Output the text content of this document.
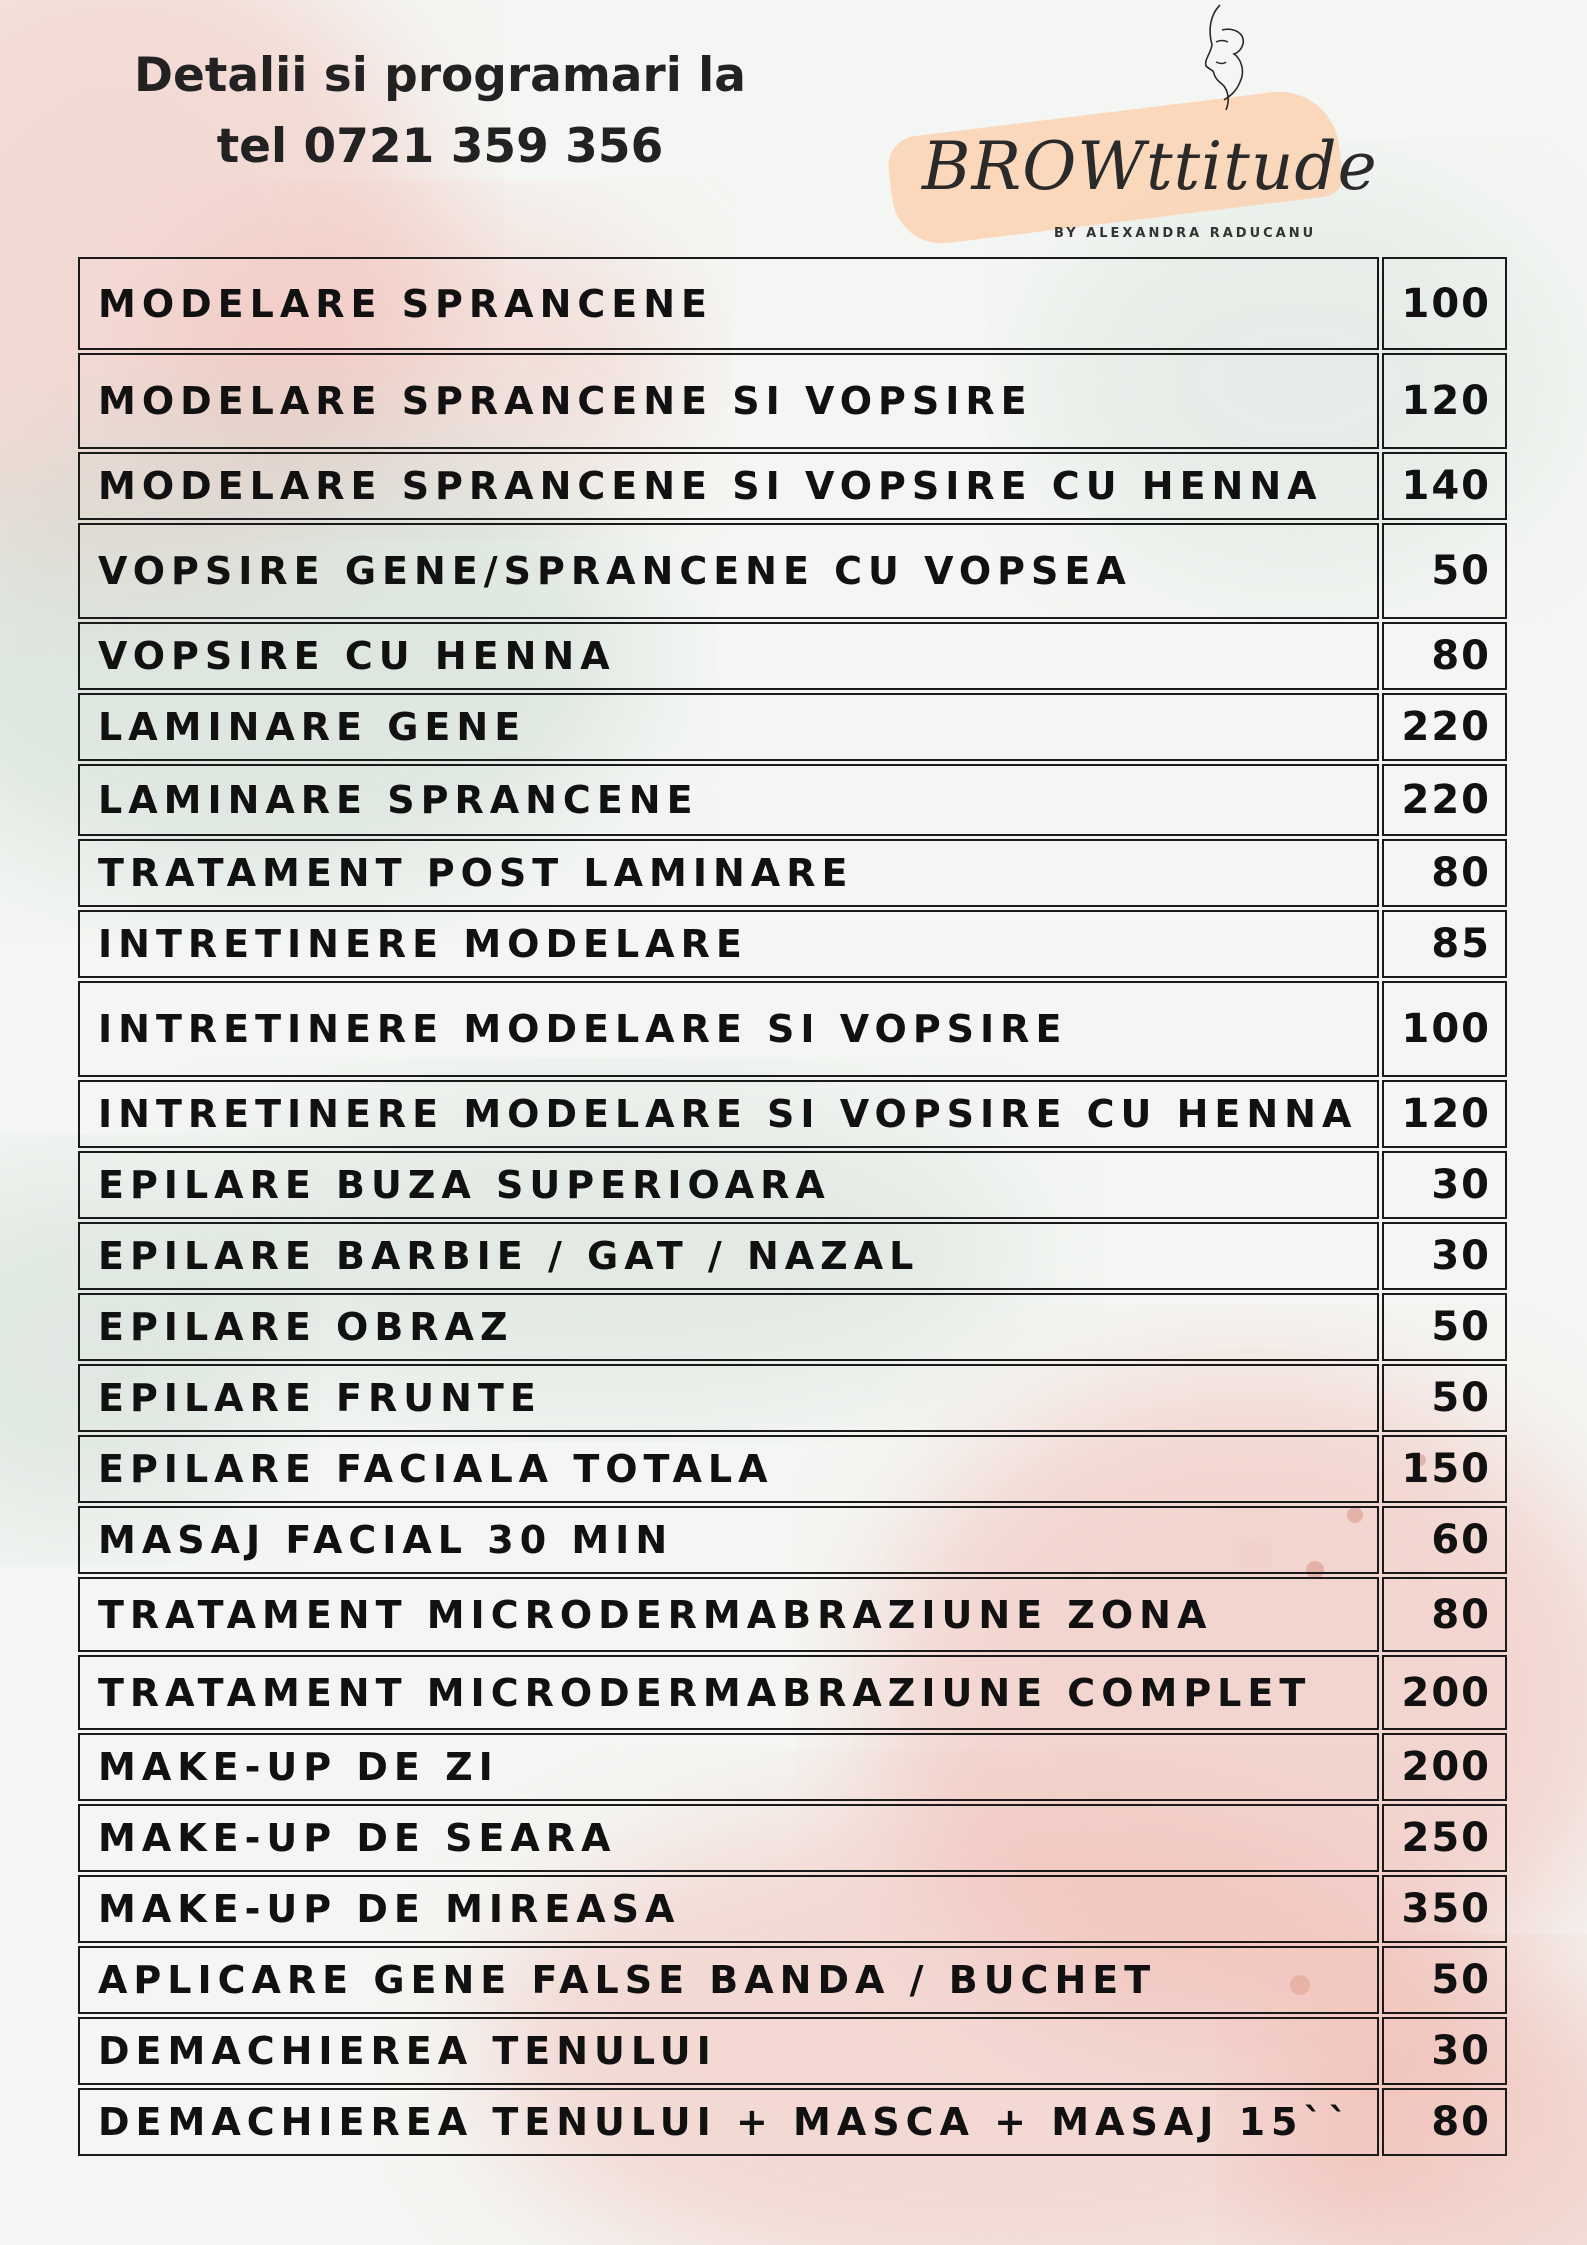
Detalii si programari la
tel 0721 359 356	BROWttitude
BY ALEXANDRA RADUCANU
MODELARE SPRANCENE	100
MODELARE SPRANCENE SI VOPSIRE	120
MODELARE SPRANCENE SI VOPSIRE CU HENNA	140
VOPSIRE GENE/SPRANCENE CU VOPSEA	50
VOPSIRE CU HENNA	80
LAMINARE GENE	220
LAMINARE SPRANCENE	220
TRATAMENT POST LAMINARE	80
INTRETINERE MODELARE	85
INTRETINERE MODELARE SI VOPSIRE	100
INTRETINERE MODELARE SI VOPSIRE CU HENNA	120
EPILARE BUZA SUPERIOARA	30
EPILARE BARBIE / GAT / NAZAL	30
EPILARE OBRAZ	50
EPILARE FRUNTE	50
EPILARE FACIALA TOTALA	150
MASAJ FACIAL 30 MIN	60
TRATAMENT MICRODERMABRAZIUNE ZONA	80
TRATAMENT MICRODERMABRAZIUNE COMPLET	200
MAKE-UP DE ZI	200
MAKE-UP DE SEARA	250
MAKE-UP DE MIREASA	350
APLICARE GENE FALSE BANDA / BUCHET	50
DEMACHIEREA TENULUI	30
DEMACHIEREA TENULUI + MASCA + MASAJ 15``	80
